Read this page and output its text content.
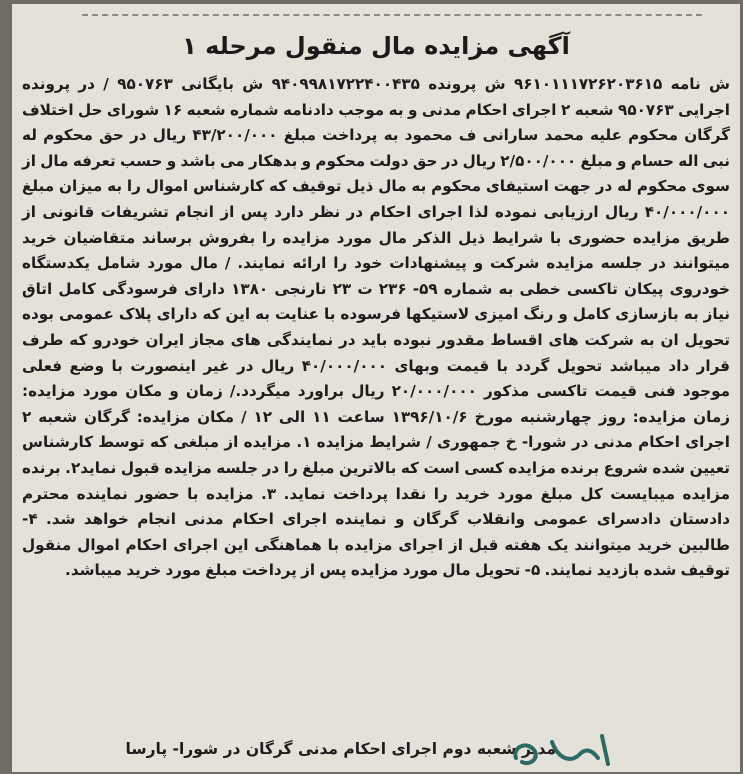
آگهی مزایده مال منقول مرحله ۱

ش نامه ۹۶۱۰۱۱۱۷۲۶۲۰۳۶۱۵ ش پرونده ۹۴۰۹۹۸۱۷۲۲۴۰۰۴۳۵ ش بایگانی ۹۵۰۷۶۳ / در پرونده اجرایی ۹۵۰۷۶۳ شعبه ۲ اجرای احکام مدنی و به موجب دادنامه شماره شعبه ۱۶ شورای حل اختلاف گرگان محکوم علیه محمد سارانی ف محمود به پرداخت مبلغ ۴۳/۲۰۰/۰۰۰ ریال در حق محکوم له نبی اله حسام و مبلغ ۲/۵۰۰/۰۰۰ ریال در حق دولت محکوم و بدهکار می باشد و حسب تعرفه مال از سوی محکوم له در جهت استیفای محکوم به مال ذیل توقیف که کارشناس اموال را به میزان مبلغ ۴۰/۰۰۰/۰۰۰ ریال ارزیابی نموده لذا اجرای احکام در نظر دارد پس از انجام تشریفات قانونی از طریق مزایده حضوری با شرایط ذیل الذکر مال مورد مزایده را بفروش برساند متقاضیان خرید میتوانند در جلسه مزایده شرکت و پیشنهادات خود را ارائه نمایند. / مال مورد شامل یکدستگاه خودروی پیکان تاکسی خطی به شماره ۵۹- ۲۳۶ ت ۲۳ نارنجی ۱۳۸۰ دارای فرسودگی کامل اتاق نیاز به بازسازی کامل و رنگ امیزی لاستیکها فرسوده با عنایت به این که دارای پلاک عمومی بوده تحویل ان به شرکت های اقساط مقدور نبوده باید در نمایندگی های مجاز ایران خودرو که طرف قرار داد میباشد تحویل گردد با قیمت وبهای ۴۰/۰۰۰/۰۰۰ ریال در غیر اینصورت با وضع فعلی موجود فنی قیمت تاکسی مذکور ۲۰/۰۰۰/۰۰۰ ریال براورد میگردد./ زمان و مکان مورد مزایده: زمان مزایده: روز چهارشنبه مورخ ۱۳۹۶/۱۰/۶ ساعت ۱۱ الی ۱۲ / مکان مزایده: گرگان شعبه ۲ اجرای احکام مدنی در شورا- خ جمهوری / شرایط مزایده ۱. مزایده از مبلغی که توسط کارشناس تعیین شده شروع برنده مزایده کسی است که بالاترین مبلغ را در جلسه مزایده قبول نماید۲. برنده مزایده میبایست کل مبلغ مورد خرید را نقدا پرداخت نماید. ۳. مزایده با حضور نماینده محترم دادستان دادسرای عمومی وانقلاب گرگان و نماینده اجرای احکام مدنی انجام خواهد شد. ۴- طالبین خرید میتوانند یک هفته قبل از اجرای مزایده با هماهنگی این اجرای احکام اموال منقول توقیف شده بازدید نمایند. ۵- تحویل مال مورد مزایده پس از پرداخت مبلغ مورد خرید میباشد.

مدیر شعبه دوم اجرای احکام مدنی گرگان در شورا- پارسا
